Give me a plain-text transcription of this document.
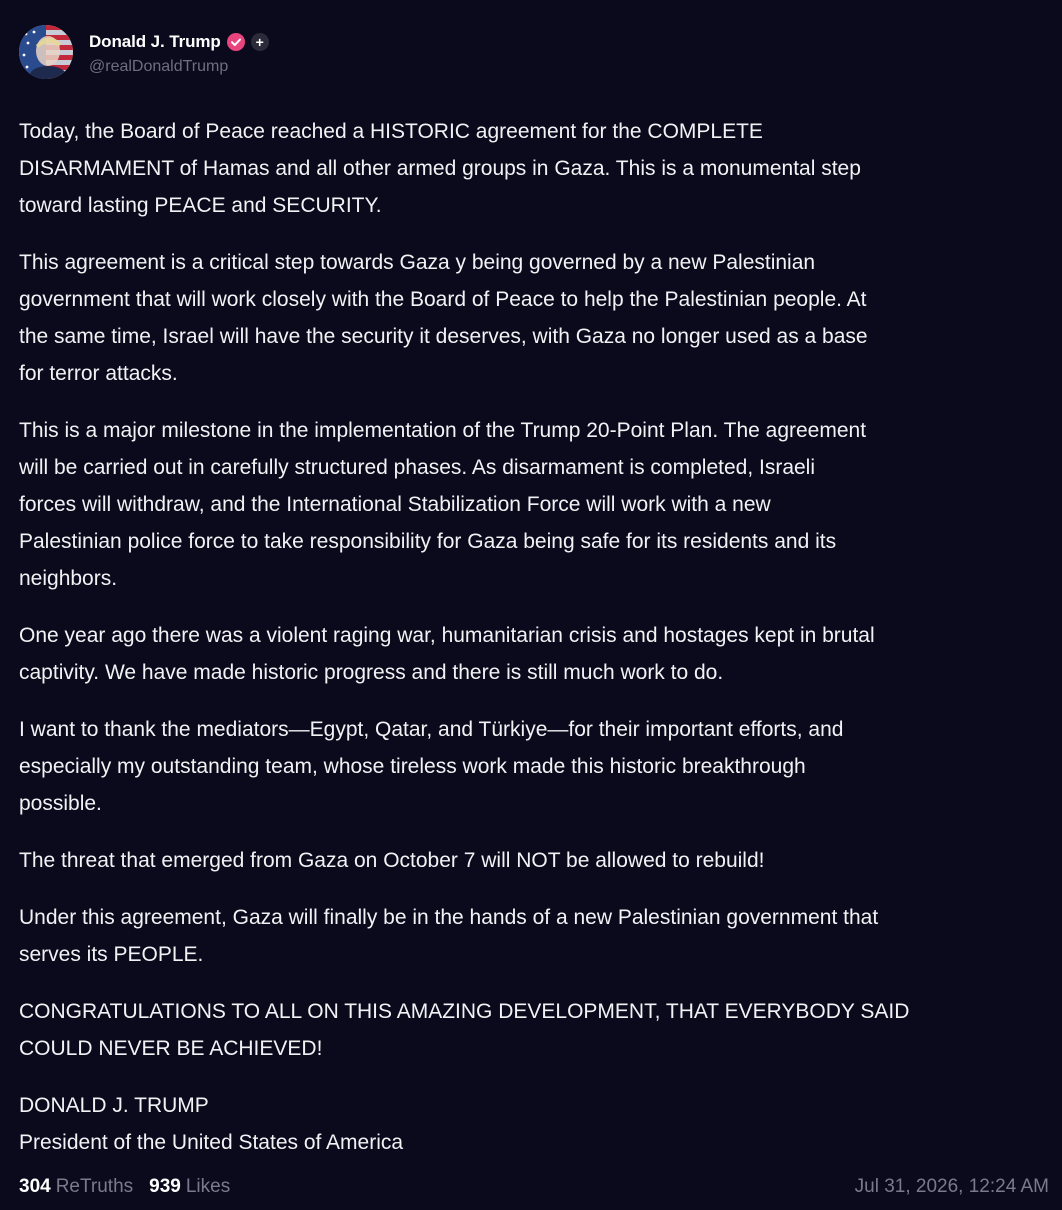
Donald J. Trump	+
@realDonaldTrump

Today, the Board of Peace reached a HISTORIC agreement for the COMPLETE
DISARMAMENT of Hamas and all other armed groups in Gaza. This is a monumental step
toward lasting PEACE and SECURITY.

This agreement is a critical step towards Gaza y being governed by a new Palestinian
government that will work closely with the Board of Peace to help the Palestinian people. At
the same time, Israel will have the security it deserves, with Gaza no longer used as a base
for terror attacks.

This is a major milestone in the implementation of the Trump 20-Point Plan. The agreement
will be carried out in carefully structured phases. As disarmament is completed, Israeli
forces will withdraw, and the International Stabilization Force will work with a new
Palestinian police force to take responsibility for Gaza being safe for its residents and its
neighbors.

One year ago there was a violent raging war, humanitarian crisis and hostages kept in brutal
captivity. We have made historic progress and there is still much work to do.

I want to thank the mediators—Egypt, Qatar, and Türkiye—for their important efforts, and
especially my outstanding team, whose tireless work made this historic breakthrough
possible.

The threat that emerged from Gaza on October 7 will NOT be allowed to rebuild!

Under this agreement, Gaza will finally be in the hands of a new Palestinian government that
serves its PEOPLE.

CONGRATULATIONS TO ALL ON THIS AMAZING DEVELOPMENT, THAT EVERYBODY SAID
COULD NEVER BE ACHIEVED!

DONALD J. TRUMP
President of the United States of America

304 ReTruths 939 Likes	Jul 31, 2026, 12:24 AM
